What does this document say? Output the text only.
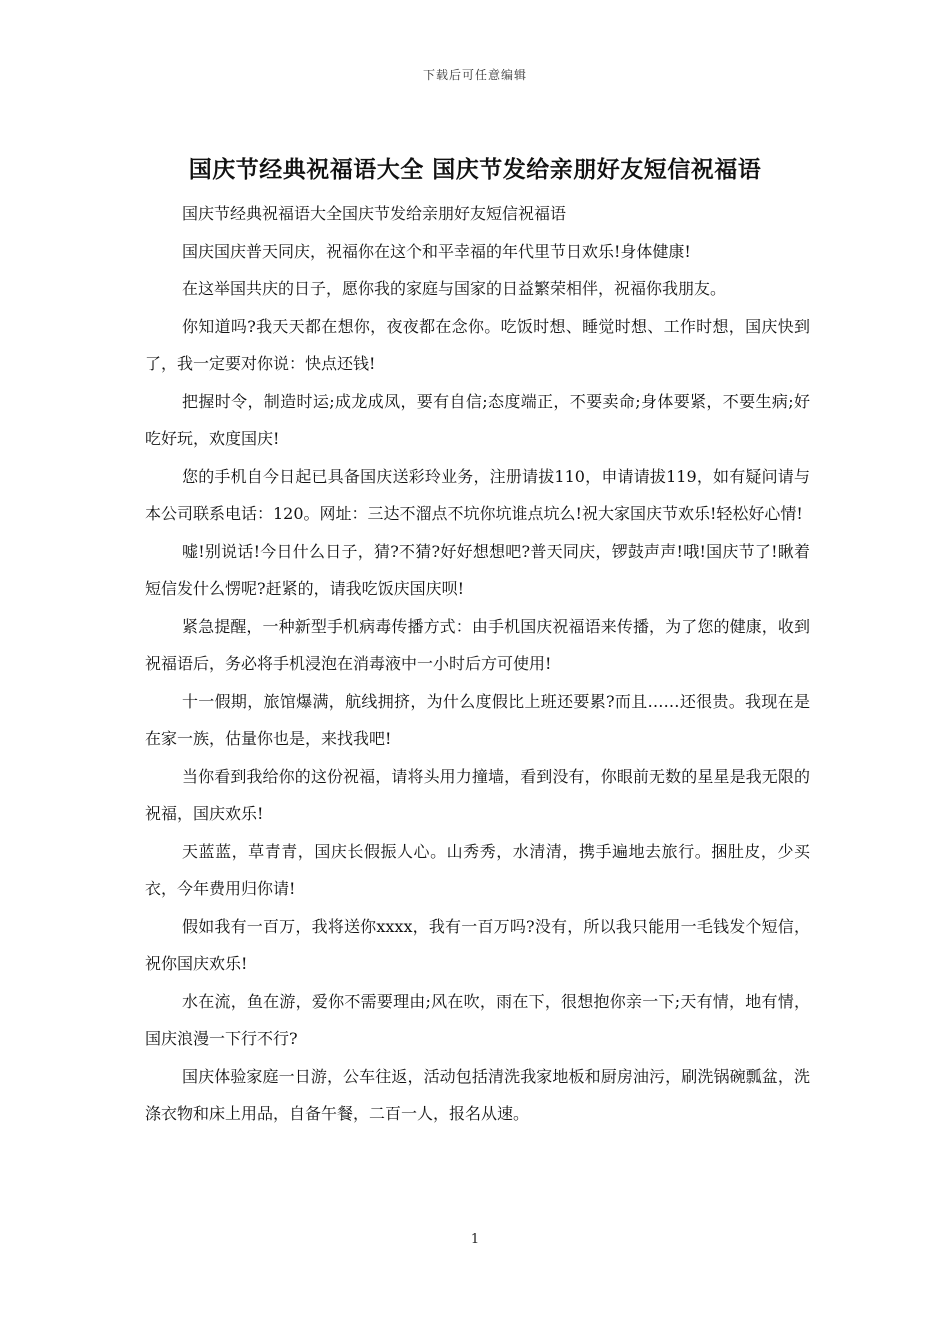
下载后可任意编辑
国庆节经典祝福语大全 国庆节发给亲朋好友短信祝福语

国庆节经典祝福语大全国庆节发给亲朋好友短信祝福语

国庆国庆普天同庆，祝福你在这个和平幸福的年代里节日欢乐!身体健康!

在这举国共庆的日子，愿你我的家庭与国家的日益繁荣相伴，祝福你我朋友。

你知道吗?我天天都在想你，夜夜都在念你。吃饭时想、睡觉时想、工作时想，国庆快到了，我一定要对你说：快点还钱!

把握时令，制造时运;成龙成凤，要有自信;态度端正，不要卖命;身体要紧，不要生病;好吃好玩，欢度国庆!

您的手机自今日起已具备国庆送彩玲业务，注册请拔110，申请请拔119，如有疑问请与本公司联系电话：120。网址：三达不溜点不坑你坑谁点坑么!祝大家国庆节欢乐!轻松好心情!

嘘!别说话!今日什么日子，猜?不猜?好好想想吧?普天同庆，锣鼓声声!哦!国庆节了!瞅着短信发什么愣呢?赶紧的，请我吃饭庆国庆呗!

紧急提醒，一种新型手机病毒传播方式：由手机国庆祝福语来传播，为了您的健康，收到祝福语后，务必将手机浸泡在消毒液中一小时后方可使用!

十一假期，旅馆爆满，航线拥挤，为什么度假比上班还要累?而且……还很贵。我现在是在家一族，估量你也是，来找我吧!

当你看到我给你的这份祝福，请将头用力撞墙，看到没有，你眼前无数的星星是我无限的祝福，国庆欢乐!

天蓝蓝，草青青，国庆长假振人心。山秀秀，水清清，携手遍地去旅行。捆肚皮，少买衣，今年费用归你请!

假如我有一百万，我将送你xxxx，我有一百万吗?没有，所以我只能用一毛钱发个短信，祝你国庆欢乐!

水在流，鱼在游，爱你不需要理由;风在吹，雨在下，很想抱你亲一下;天有情，地有情，国庆浪漫一下行不行?

国庆体验家庭一日游，公车往返，活动包括清洗我家地板和厨房油污，刷洗锅碗瓢盆，洗涤衣物和床上用品，自备午餐，二百一人，报名从速。

1
